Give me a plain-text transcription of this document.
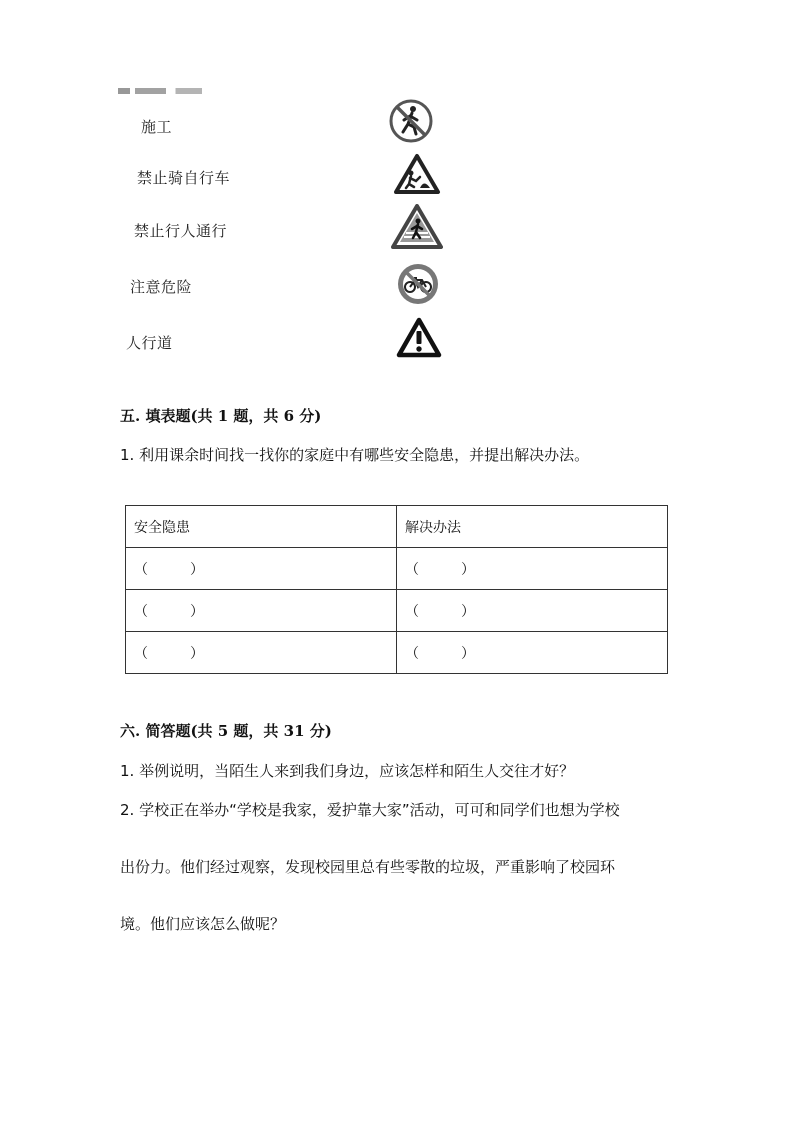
施工
禁止骑自行车
禁止行人通行
注意危险
人行道
五. 填表题(共 1 题，共 6 分)
1. 利用课余时间找一找你的家庭中有哪些安全隐患，并提出解决办法。
安全隐患	解决办法
（　　　）	（　　　）
（　　　）	（　　　）
（　　　）	（　　　）
六. 简答题(共 5 题，共 31 分)
1. 举例说明，当陌生人来到我们身边，应该怎样和陌生人交往才好？
2. 学校正在举办“学校是我家，爱护靠大家”活动，可可和同学们也想为学校
出份力。他们经过观察，发现校园里总有些零散的垃圾，严重影响了校园环
境。他们应该怎么做呢？
